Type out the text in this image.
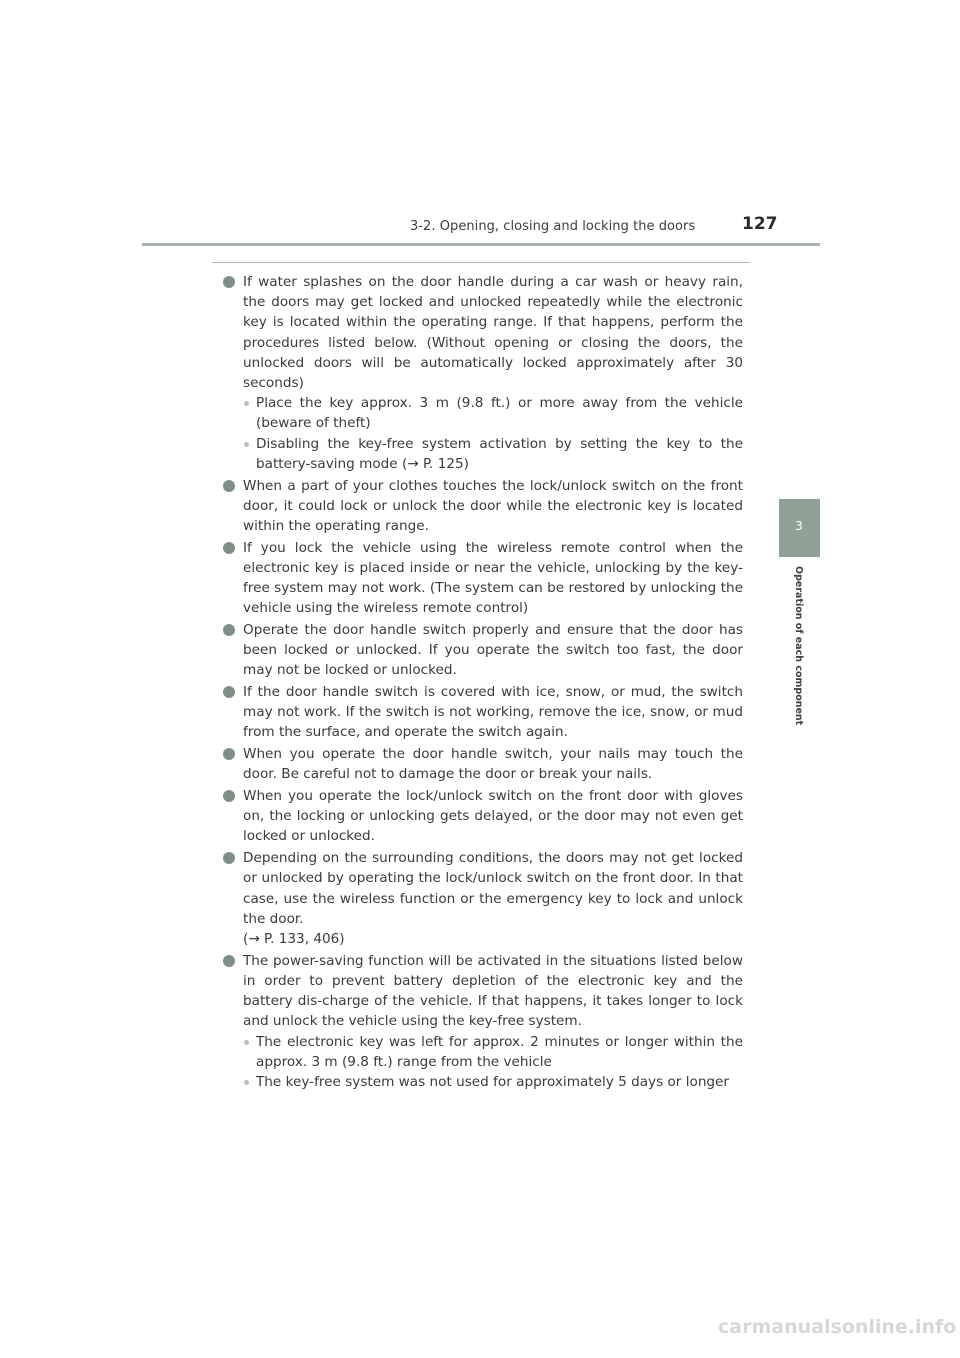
3-2. Opening, closing and locking the doors	127
3
Operation of each component
If water splashes on the door handle during a car wash or heavy rain, the doors may get locked and unlocked repeatedly while the electronic key is located within the operating range. If that happens, perform the procedures listed below. (Without opening or closing the doors, the unlocked doors will be automatically locked approximately after 30 seconds)
Place the key approx. 3 m (9.8 ft.) or more away from the vehicle (beware of theft)
Disabling the key-free system activation by setting the key to the battery-saving mode (→ P. 125)
When a part of your clothes touches the lock/unlock switch on the front door, it could lock or unlock the door while the electronic key is located within the operating range.
If you lock the vehicle using the wireless remote control when the electronic key is placed inside or near the vehicle, unlocking by the key-free system may not work. (The system can be restored by unlocking the vehicle using the wireless remote control)
Operate the door handle switch properly and ensure that the door has been locked or unlocked. If you operate the switch too fast, the door may not be locked or unlocked.
If the door handle switch is covered with ice, snow, or mud, the switch may not work. If the switch is not working, remove the ice, snow, or mud from the surface, and operate the switch again.
When you operate the door handle switch, your nails may touch the door. Be careful not to damage the door or break your nails.
When you operate the lock/unlock switch on the front door with gloves on, the locking or unlocking gets delayed, or the door may not even get locked or unlocked.
Depending on the surrounding conditions, the doors may not get locked or unlocked by operating the lock/unlock switch on the front door. In that case, use the wireless function or the emergency key to lock and unlock the door.
(→ P. 133, 406)
The power-saving function will be activated in the situations listed below in order to prevent battery depletion of the electronic key and the battery dis-charge of the vehicle. If that happens, it takes longer to lock and unlock the vehicle using the key-free system.
The electronic key was left for approx. 2 minutes or longer within the approx. 3 m (9.8 ft.) range from the vehicle
The key-free system was not used for approximately 5 days or longer
carmanualsonline.info
